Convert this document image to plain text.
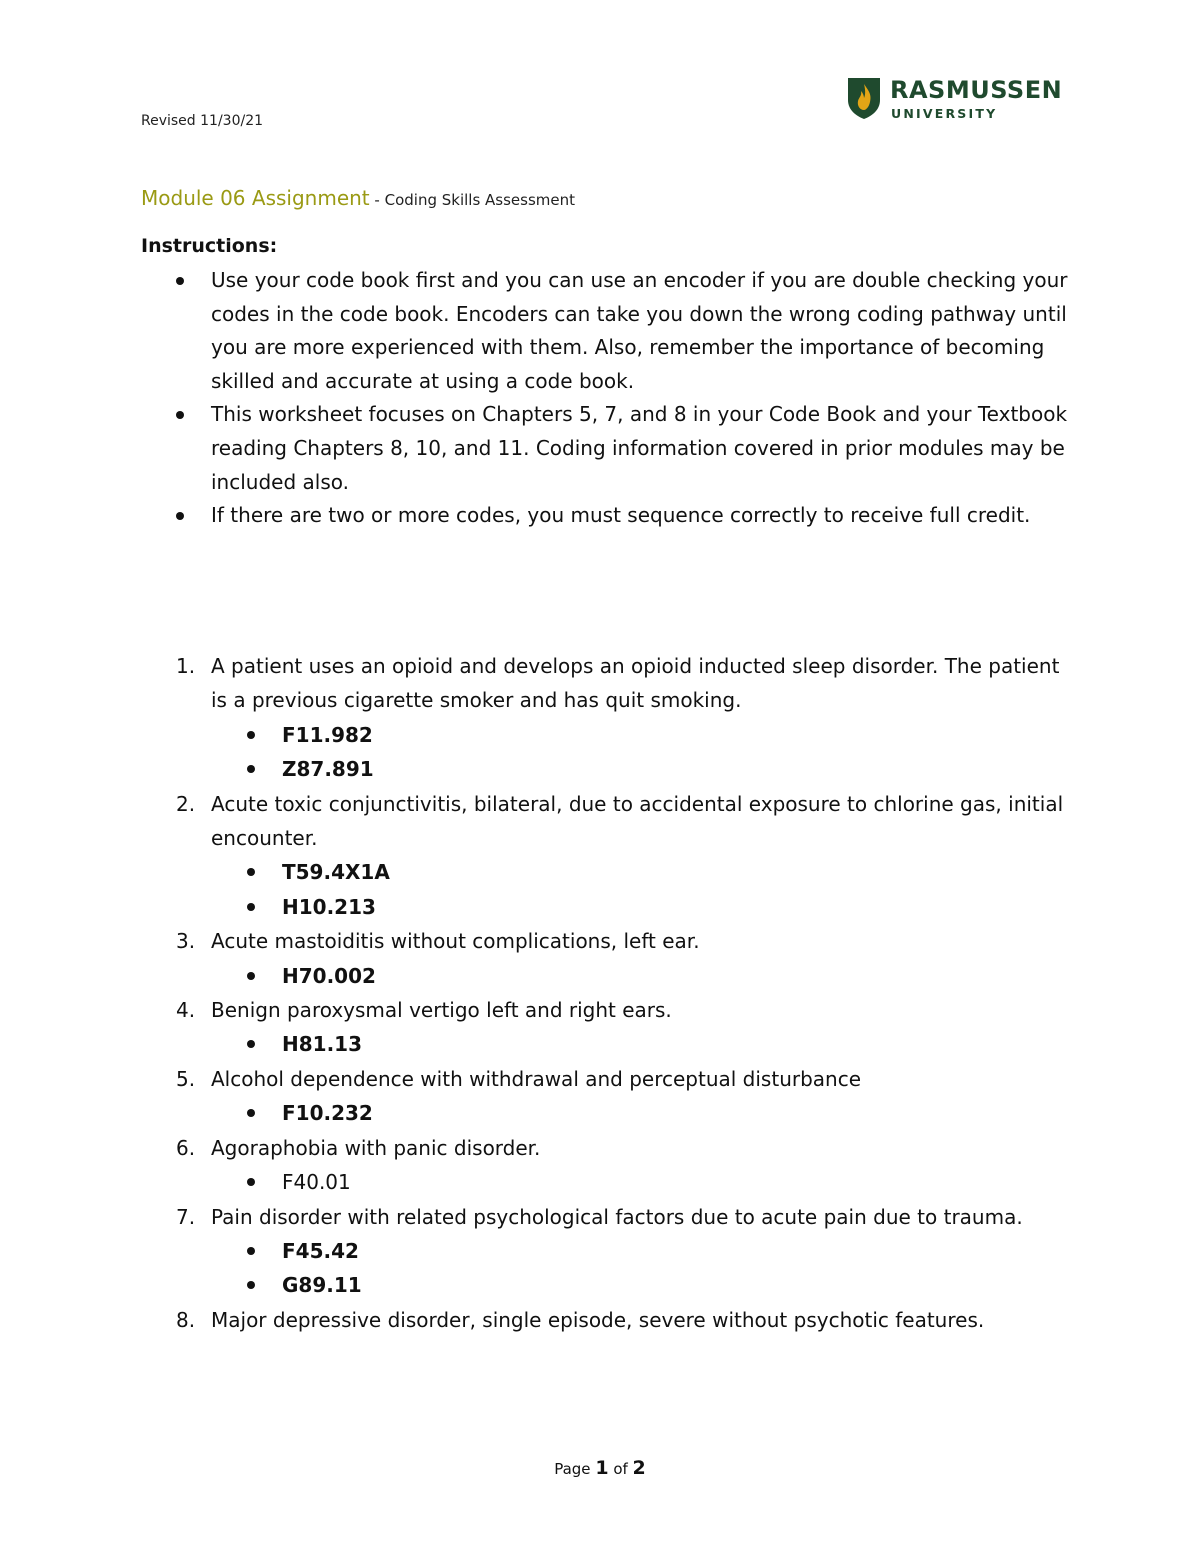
Revised 11/30/21
RASMUSSEN
UNIVERSITY
Module 06 Assignment - Coding Skills Assessment
Instructions:
Use your code book first and you can use an encoder if you are double checking your codes in the code book. Encoders can take you down the wrong coding pathway until you are more experienced with them. Also, remember the importance of becoming skilled and accurate at using a code book.
This worksheet focuses on Chapters 5, 7, and 8 in your Code Book and your Textbook reading Chapters 8, 10, and 11. Coding information covered in prior modules may be included also.
If there are two or more codes, you must sequence correctly to receive full credit.
1. A patient uses an opioid and develops an opioid inducted sleep disorder. The patient is a previous cigarette smoker and has quit smoking.
F11.982
Z87.891
2. Acute toxic conjunctivitis, bilateral, due to accidental exposure to chlorine gas, initial encounter.
T59.4X1A
H10.213
3. Acute mastoiditis without complications, left ear.
H70.002
4. Benign paroxysmal vertigo left and right ears.
H81.13
5. Alcohol dependence with withdrawal and perceptual disturbance
F10.232
6. Agoraphobia with panic disorder.
F40.01
7. Pain disorder with related psychological factors due to acute pain due to trauma.
F45.42
G89.11
8. Major depressive disorder, single episode, severe without psychotic features.
Page 1 of 2
